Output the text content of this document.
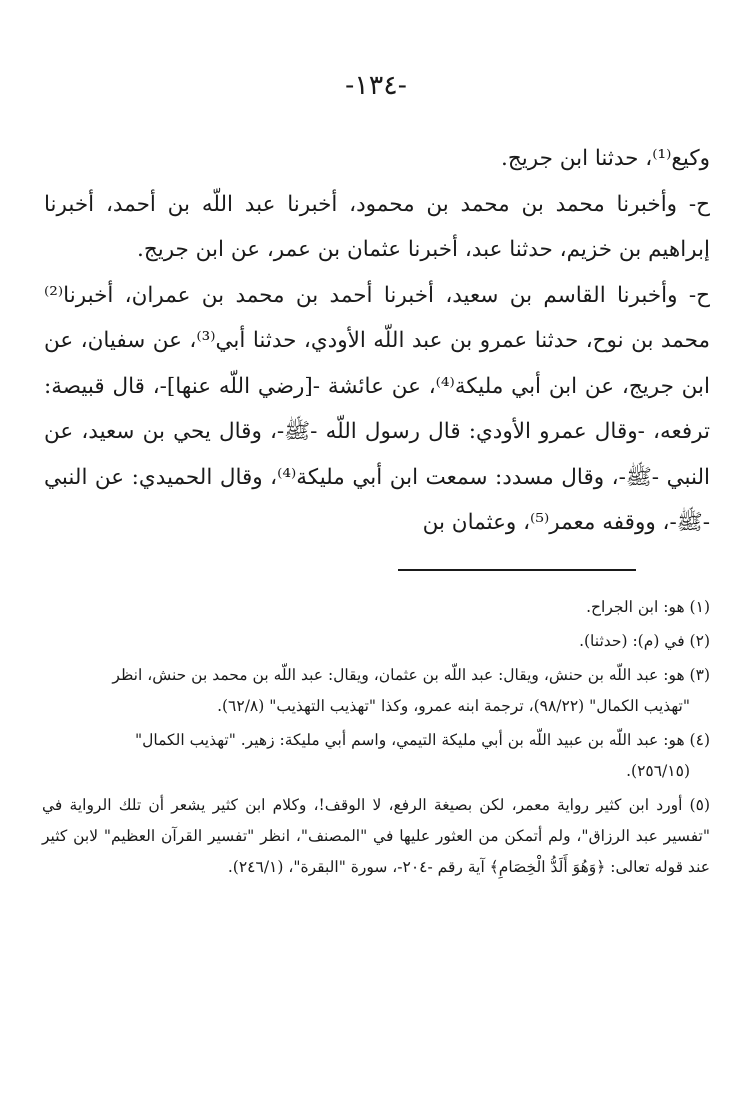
-١٣٤-

وكيع⁽¹⁾، حدثنا ابن جريج.

ح- وأخبرنا محمد بن محمد بن محمود، أخبرنا عبد اللّه بن أحمد، أخبرنا إبراهيم بن خزيم، حدثنا عبد، أخبرنا عثمان بن عمر، عن ابن جريج.

ح- وأخبرنا القاسم بن سعيد، أخبرنا أحمد بن محمد بن عمران، أخبرنا⁽²⁾ محمد بن نوح، حدثنا عمرو بن عبد اللّه الأودي، حدثنا أبي⁽³⁾، عن سفيان، عن ابن جريج، عن ابن أبي مليكة⁽⁴⁾، عن عائشة -[رضي اللّه عنها]-، قال قبيصة: ترفعه، -وقال عمرو الأودي: قال رسول اللّه -ﷺ-، وقال يحي بن سعيد، عن النبي -ﷺ-، وقال مسدد: سمعت ابن أبي مليكة⁽⁴⁾، وقال الحميدي: عن النبي -ﷺ-، ووقفه معمر⁽⁵⁾، وعثمان بن

(١) هو: ابن الجراح.
(٢) في (م): (حدثنا).
(٣) هو: عبد اللّه بن حنش، ويقال: عبد اللّه بن عثمان، ويقال: عبد اللّه بن محمد بن حنش، انظر
"تهذيب الكمال" (٩٨/٢٢)، ترجمة ابنه عمرو، وكذا "تهذيب التهذيب" (٦٢/٨).
(٤) هو: عبد اللّه بن عبيد اللّه بن أبي مليكة التيمي، واسم أبي مليكة: زهير. "تهذيب الكمال"
(٢٥٦/١٥).
(٥) أورد ابن كثير رواية معمر، لكن بصيغة الرفع، لا الوقف!، وكلام ابن كثير يشعر أن تلك الرواية في "تفسير عبد الرزاق"، ولم أتمكن من العثور عليها في "المصنف"، انظر "تفسير القرآن العظيم" لابن كثير عند قوله تعالى: ﴿وَهُوَ أَلَدُّ الْخِصَامِ﴾ آية رقم -٢٠٤-، سورة "البقرة"، (٢٤٦/١).
